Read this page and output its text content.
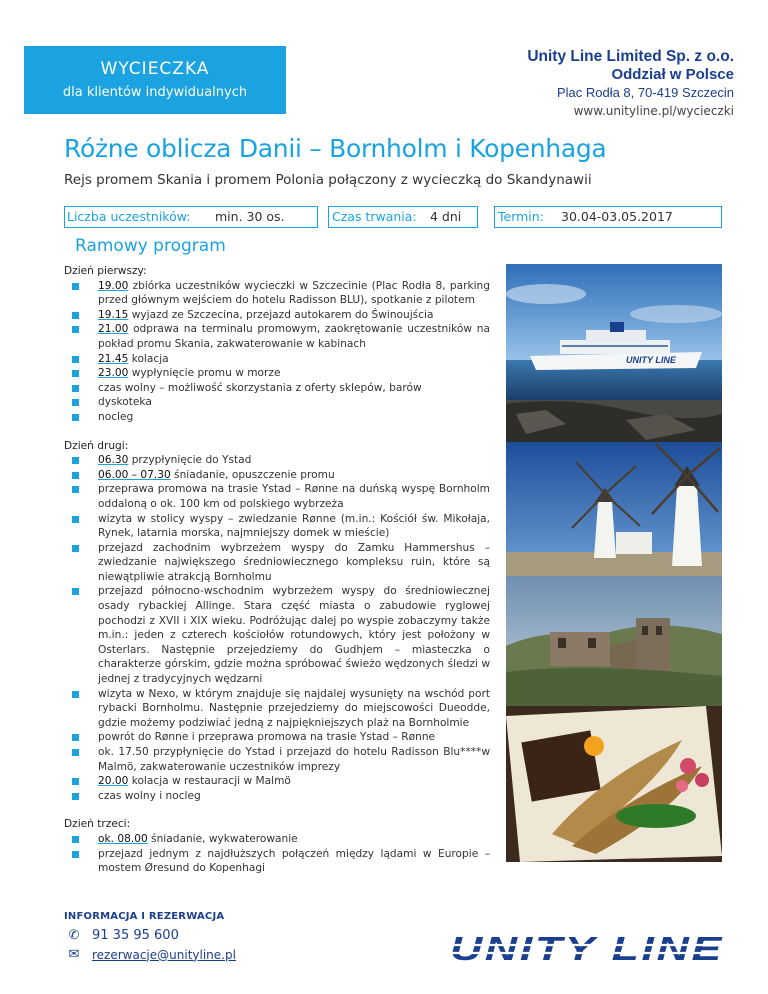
WYCIECZKA
dla klientów indywidualnych
Unity Line Limited Sp. z o.o.
Oddział w Polsce
Plac Rodła 8, 70-419 Szczecin
www.unityline.pl/wycieczki
Różne oblicza Danii – Bornholm i Kopenhaga
Rejs promem Skania i promem Polonia połączony z wycieczką do Skandynawii
Liczba uczestników: min. 30 os.	Czas trwania: 4 dni	Termin: 30.04-03.05.2017
Ramowy program
Dzień pierwszy:
19.00 zbiórka uczestników wycieczki w Szczecinie (Plac Rodła 8, parking przed głównym wejściem do hotelu Radisson BLU), spotkanie z pilotem
19.15 wyjazd ze Szczecina, przejazd autokarem do Świnoujścia
21.00 odprawa na terminalu promowym, zaokrętowanie uczestników na pokład promu Skania, zakwaterowanie w kabinach
21.45 kolacja
23.00 wypłynięcie promu w morze
czas wolny – możliwość skorzystania z oferty sklepów, barów
dyskoteka
nocleg
Dzień drugi:
06.30 przypłynięcie do Ystad
06.00 – 07.30 śniadanie, opuszczenie promu
przeprawa promowa na trasie Ystad – Rønne na duńską wyspę Bornholm oddaloną o ok. 100 km od polskiego wybrzeża
wizyta w stolicy wyspy – zwiedzanie Rønne (m.in.: Kościół św. Mikołaja, Rynek, latarnia morska, najmniejszy domek w mieście)
przejazd zachodnim wybrzeżem wyspy do Zamku Hammershus – zwiedzanie największego średniowiecznego kompleksu ruin, które są niewątpliwie atrakcją Bornholmu
przejazd północno-wschodnim wybrzeżem wyspy do średniowiecznej osady rybackiej Allinge. Stara część miasta o zabudowie ryglowej pochodzi z XVII i XIX wieku. Podróżując dalej po wyspie zobaczymy także m.in.: jeden z czterech kościołów rotundowych, który jest położony w Osterlars. Następnie przejedziemy do Gudhjem – miasteczka o charakterze górskim, gdzie można spróbować świeżo wędzonych śledzi w jednej z tradycyjnych wędzarni
wizyta w Nexo, w którym znajduje się najdalej wysunięty na wschód port rybacki Bornholmu. Następnie przejedziemy do miejscowości Dueodde, gdzie możemy podziwiać jedną z najpiękniejszych plaż na Bornholmie
powrót do Rønne i przeprawa promowa na trasie Ystad – Rønne
ok. 17.50 przypłynięcie do Ystad i przejazd do hotelu Radisson Blu****w Malmö, zakwaterowanie uczestników imprezy
20.00 kolacja w restauracji w Malmö
czas wolny i nocleg
Dzień trzeci:
ok. 08.00 śniadanie, wykwaterowanie
przejazd jednym z najdłuższych połączeń między lądami w Europie – mostem Øresund do Kopenhagi
UNITY LINE
INFORMACJA I REZERWACJA
✆ 91 35 95 600
✉ rezerwacje@unityline.pl	UNITY LINE
